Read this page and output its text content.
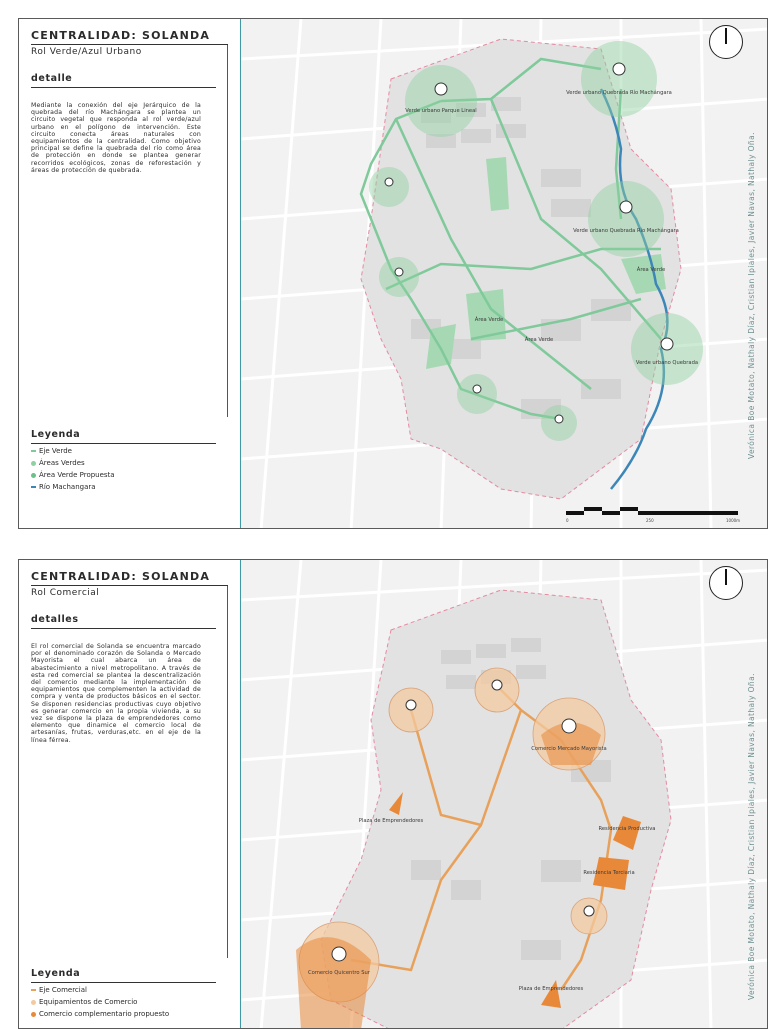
CENTRALIDAD: SOLANDA
Rol Verde/Azul Urbano
detalle
Mediante la conexión del eje Jerárquico de la quebrada del río Machángara se plantea un circuito vegetal que responda al rol verde/azul urbano en el polígono de intervención. Este circuito conecta áreas naturales con equipamientos de la centralidad. Como objetivo principal se define la quebrada del río como área de protección en donde se plantea generar recorridos ecológicos, zonas de reforestación y áreas de protección de quebrada.
Leyenda
Eje Verde
Áreas Verdes
Área Verde Propuesta
Río Machangara
Verde urbano Parque Lineal
Verde urbano Quebrada Río Machángara
Verde urbano Quebrada Río Machángara
Área Verde
Área Verde
Área Verde
Verde urbano Quebrada	Verónica Boe Motato, Nathaly Díaz, Cristian Ipiales, Javier Navas, Nathaly Oña.
0	250	1000m
CENTRALIDAD: SOLANDA
Rol Comercial
detalles
El rol comercial de Solanda se encuentra marcado por el denominado corazón de Solanda o Mercado Mayorista el cual abarca un área de abastecimiento a nivel metropolitano. A través de esta red comercial se plantea la descentralización del comercio mediante la implementación de equipamientos que complementen la actividad de compra y venta de productos básicos en el sector. Se disponen residencias productivas cuyo objetivo es generar comercio en la propia vivienda, a su vez se dispone la plaza de emprendedores como elemento que dinamice el comercio local de artesanías, frutas, verduras,etc. en el eje de la línea férrea.
Leyenda
Eje Comercial
Equipamientos de Comercio
Comercio complementario propuesto
Comercio Mercado Mayorista
Plaza de Emprendedores
Residencia Productiva
Residencia Terciaria
Comercio Quicentro Sur
Plaza de Emprendedores	Verónica Boe Motato, Nathaly Díaz, Cristian Ipiales, Javier Navas, Nathaly Oña.
